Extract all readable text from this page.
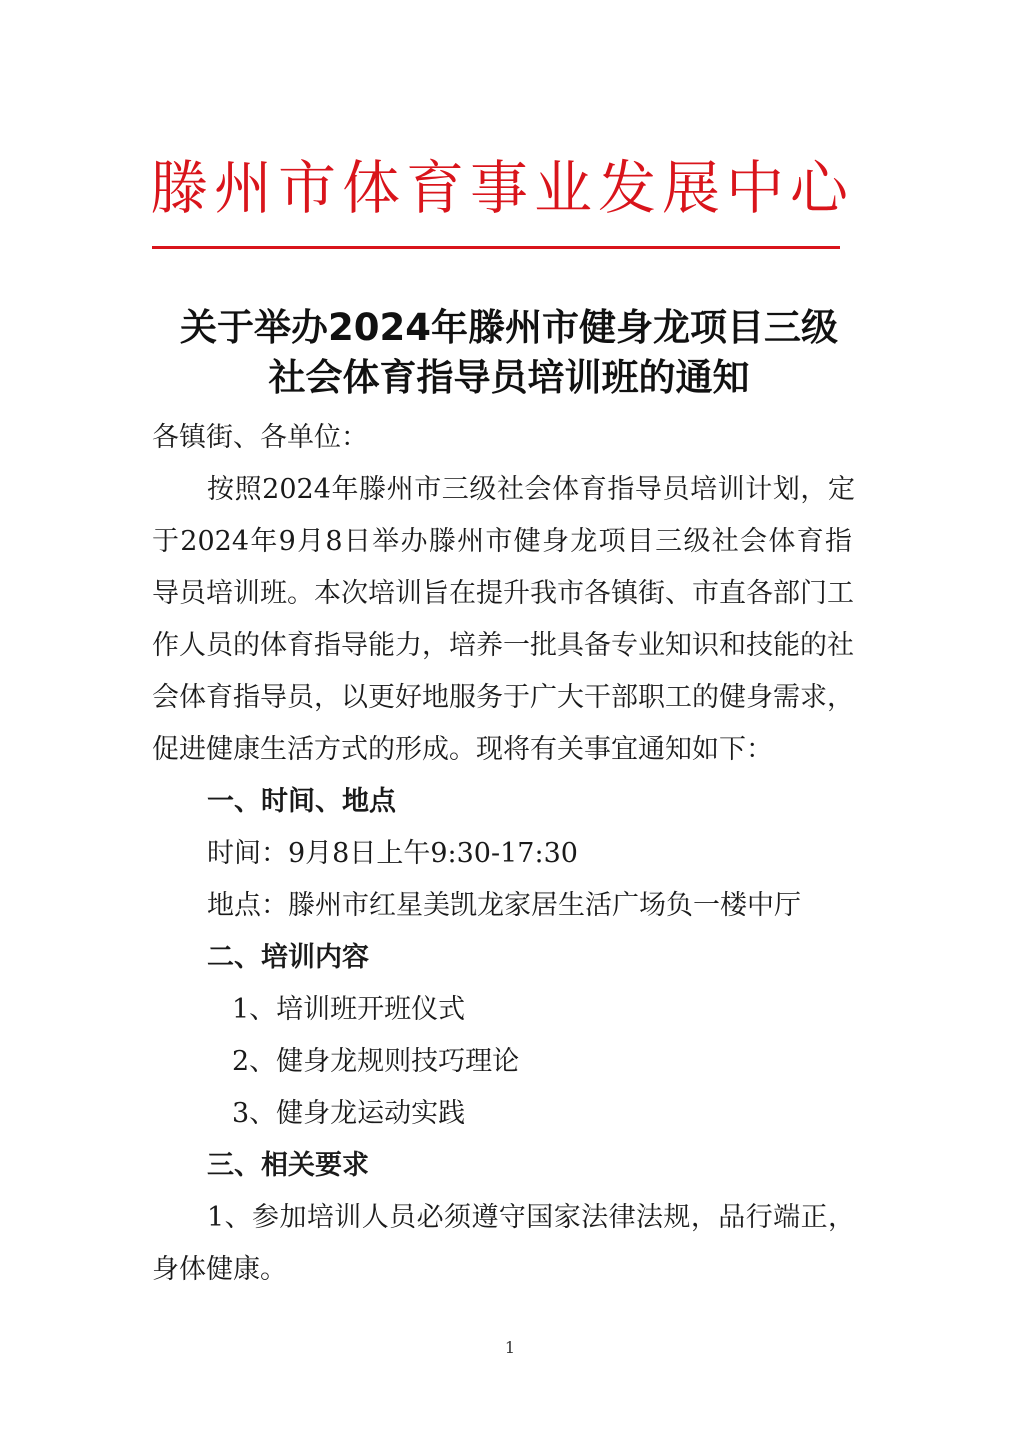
滕州市体育事业发展中心
关于举办2024年滕州市健身龙项目三级
社会体育指导员培训班的通知
各镇街、各单位：
按照2024年滕州市三级社会体育指导员培训计划，定
于2024年9月8日举办滕州市健身龙项目三级社会体育指
导员培训班。本次培训旨在提升我市各镇街、市直各部门工
作人员的体育指导能力，培养一批具备专业知识和技能的社
会体育指导员，以更好地服务于广大干部职工的健身需求，
促进健康生活方式的形成。现将有关事宜通知如下：
一、时间、地点
时间：9月8日上午9:30-17:30
地点：滕州市红星美凯龙家居生活广场负一楼中厅
二、培训内容
1、培训班开班仪式
2、健身龙规则技巧理论
3、健身龙运动实践
三、相关要求
1、参加培训人员必须遵守国家法律法规，品行端正，
身体健康。
1
